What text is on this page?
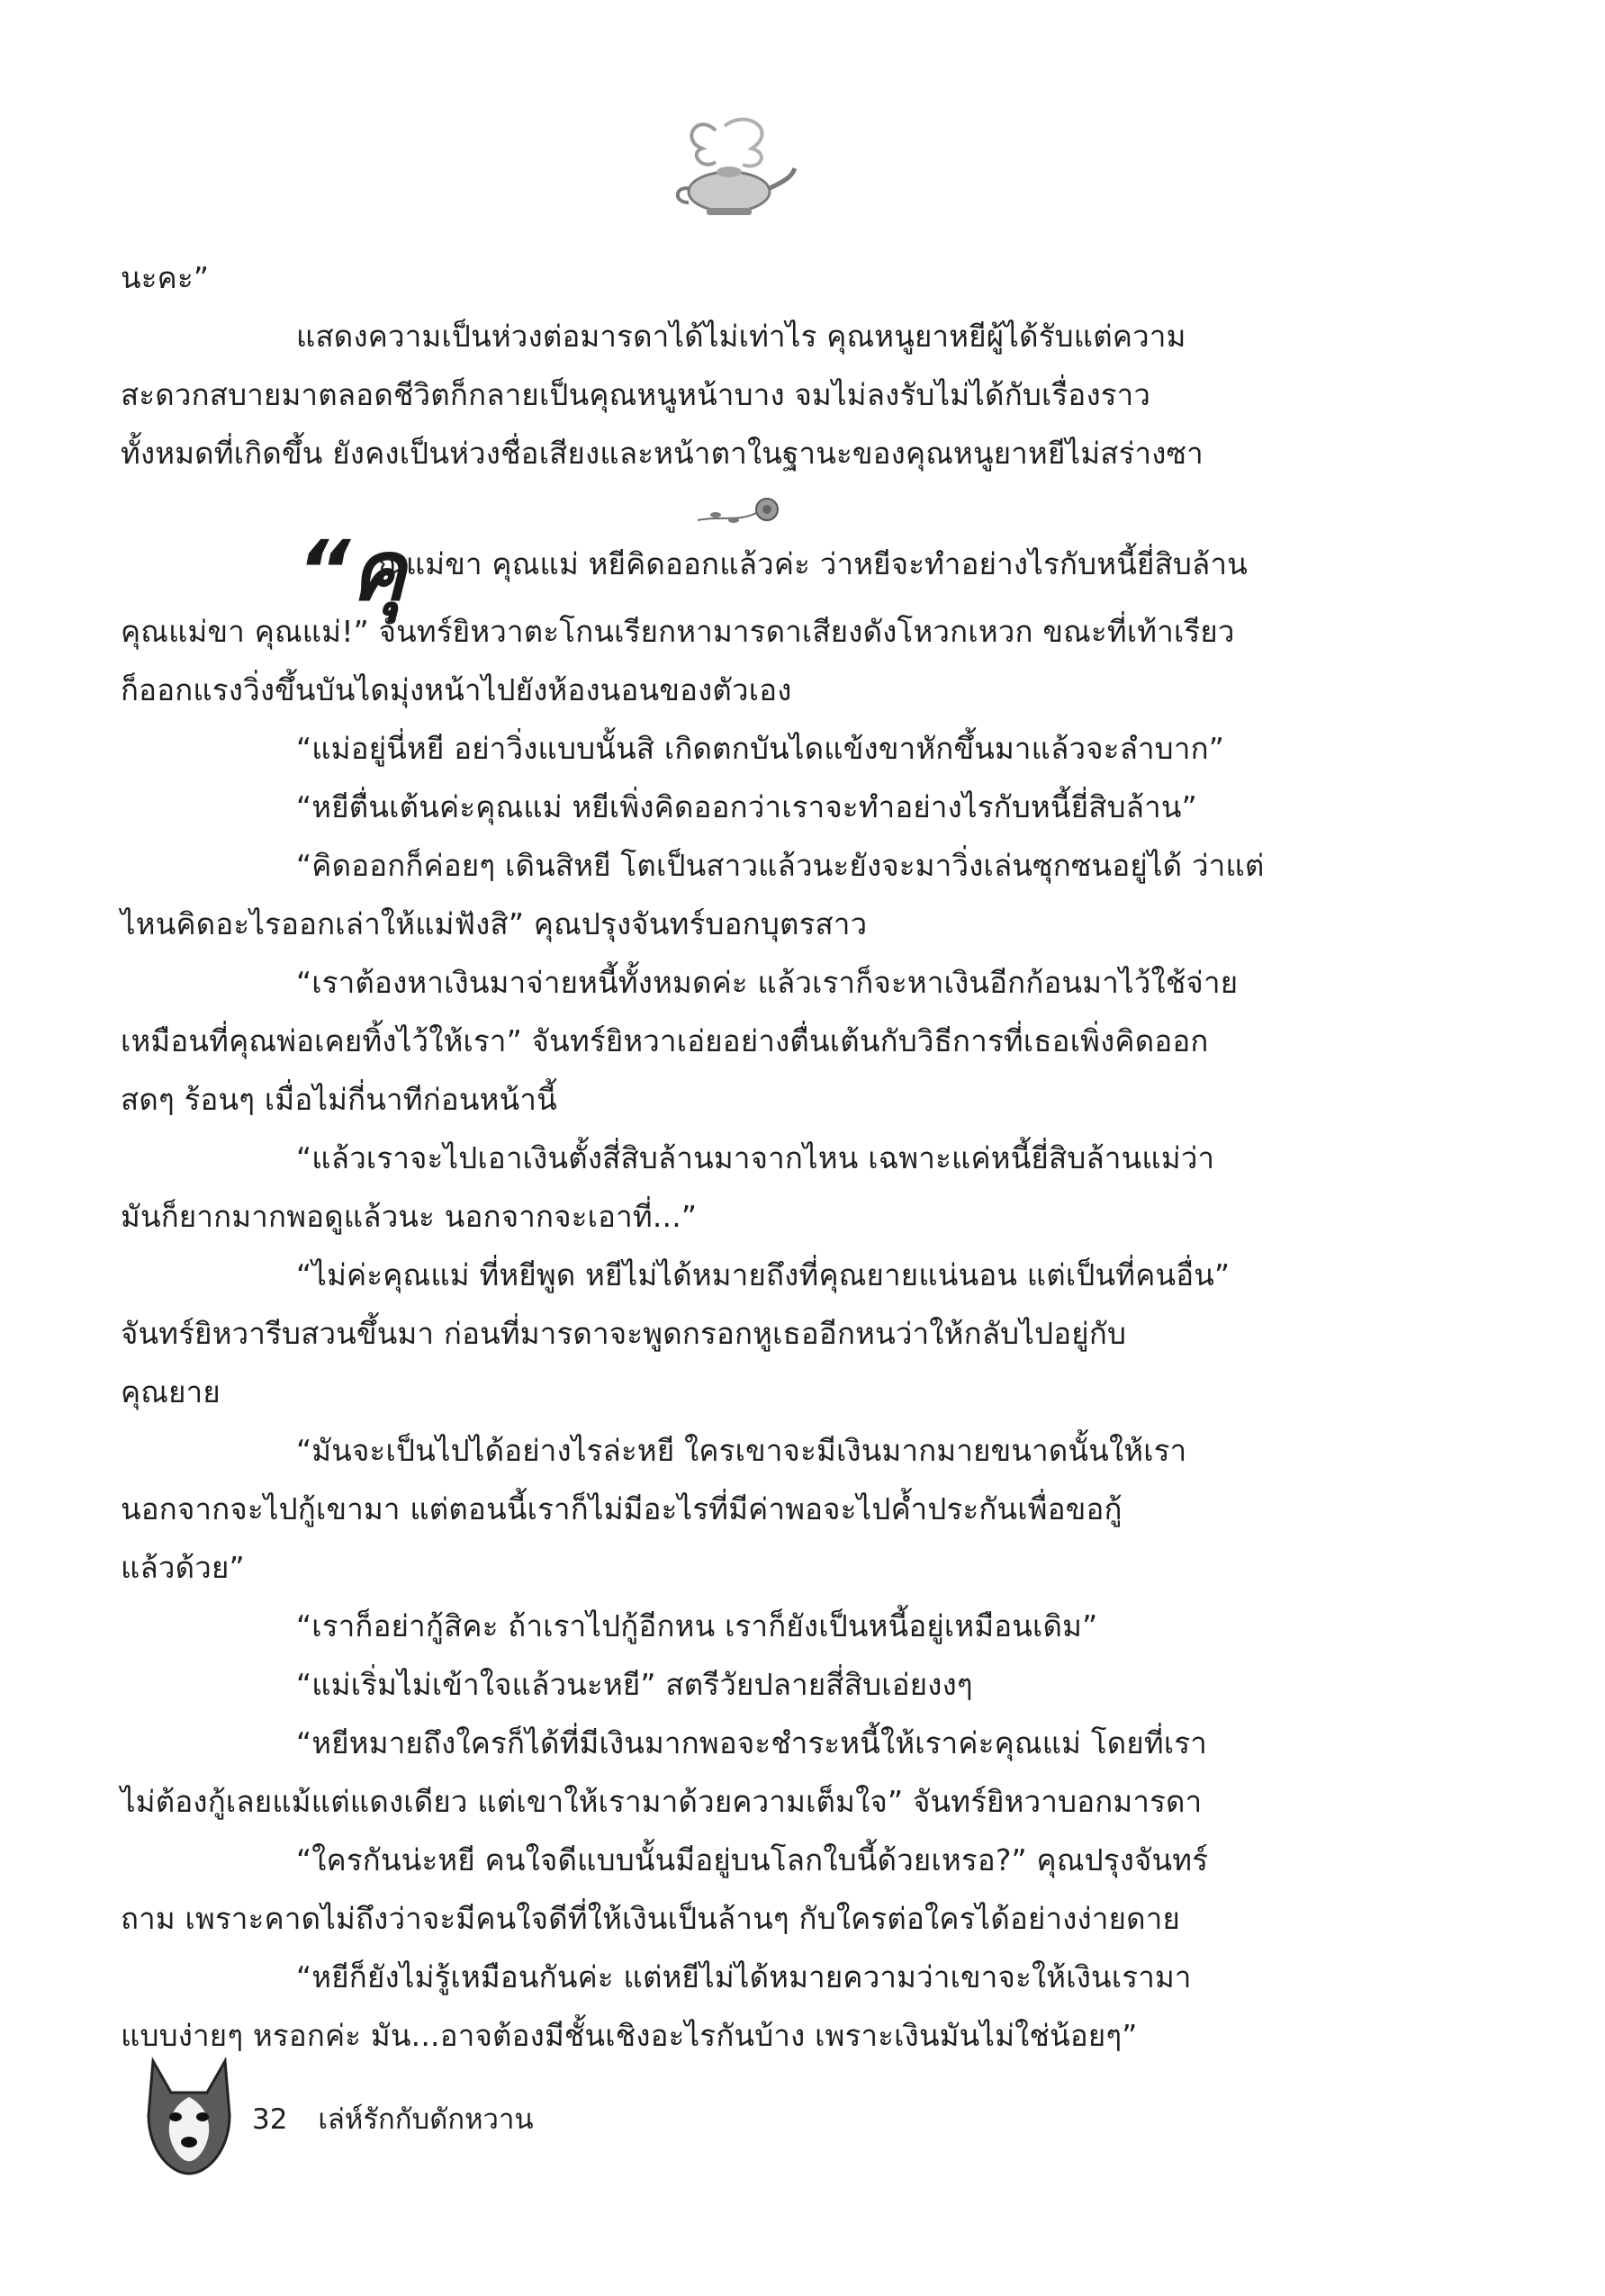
“คุ
นะคะ”
แสดงความเป็นห่วงต่อมารดาได้ไม่เท่าไร คุณหนูยาหยีผู้ได้รับแต่ความ
สะดวกสบายมาตลอดชีวิตก็กลายเป็นคุณหนูหน้าบาง จมไม่ลงรับไม่ได้กับเรื่องราว
ทั้งหมดที่เกิดขึ้น ยังคงเป็นห่วงชื่อเสียงและหน้าตาในฐานะของคุณหนูยาหยีไม่สร่างซา
ณแม่ขา คุณแม่ หยีคิดออกแล้วค่ะ ว่าหยีจะทำอย่างไรกับหนี้ยี่สิบล้าน
คุณแม่ขา คุณแม่!” จันทร์ยิหวาตะโกนเรียกหามารดาเสียงดังโหวกเหวก ขณะที่เท้าเรียว
ก็ออกแรงวิ่งขึ้นบันไดมุ่งหน้าไปยังห้องนอนของตัวเอง
“แม่อยู่นี่หยี อย่าวิ่งแบบนั้นสิ เกิดตกบันไดแข้งขาหักขึ้นมาแล้วจะลำบาก”
“หยีตื่นเต้นค่ะคุณแม่ หยีเพิ่งคิดออกว่าเราจะทำอย่างไรกับหนี้ยี่สิบล้าน”
“คิดออกก็ค่อยๆ เดินสิหยี โตเป็นสาวแล้วนะยังจะมาวิ่งเล่นซุกซนอยู่ได้ ว่าแต่
ไหนคิดอะไรออกเล่าให้แม่ฟังสิ” คุณปรุงจันทร์บอกบุตรสาว
“เราต้องหาเงินมาจ่ายหนี้ทั้งหมดค่ะ แล้วเราก็จะหาเงินอีกก้อนมาไว้ใช้จ่าย
เหมือนที่คุณพ่อเคยทิ้งไว้ให้เรา” จันทร์ยิหวาเอ่ยอย่างตื่นเต้นกับวิธีการที่เธอเพิ่งคิดออก
สดๆ ร้อนๆ เมื่อไม่กี่นาทีก่อนหน้านี้
“แล้วเราจะไปเอาเงินตั้งสี่สิบล้านมาจากไหน เฉพาะแค่หนี้ยี่สิบล้านแม่ว่า
มันก็ยากมากพอดูแล้วนะ นอกจากจะเอาที่...”
“ไม่ค่ะคุณแม่ ที่หยีพูด หยีไม่ได้หมายถึงที่คุณยายแน่นอน แต่เป็นที่คนอื่น”
จันทร์ยิหวารีบสวนขึ้นมา ก่อนที่มารดาจะพูดกรอกหูเธออีกหนว่าให้กลับไปอยู่กับ
คุณยาย
“มันจะเป็นไปได้อย่างไรล่ะหยี ใครเขาจะมีเงินมากมายขนาดนั้นให้เรา
นอกจากจะไปกู้เขามา แต่ตอนนี้เราก็ไม่มีอะไรที่มีค่าพอจะไปค้ำประกันเพื่อขอกู้
แล้วด้วย”
“เราก็อย่ากู้สิคะ ถ้าเราไปกู้อีกหน เราก็ยังเป็นหนี้อยู่เหมือนเดิม”
“แม่เริ่มไม่เข้าใจแล้วนะหยี” สตรีวัยปลายสี่สิบเอ่ยงงๆ
“หยีหมายถึงใครก็ได้ที่มีเงินมากพอจะชำระหนี้ให้เราค่ะคุณแม่ โดยที่เรา
ไม่ต้องกู้เลยแม้แต่แดงเดียว แต่เขาให้เรามาด้วยความเต็มใจ” จันทร์ยิหวาบอกมารดา
“ใครกันน่ะหยี คนใจดีแบบนั้นมีอยู่บนโลกใบนี้ด้วยเหรอ?” คุณปรุงจันทร์
ถาม เพราะคาดไม่ถึงว่าจะมีคนใจดีที่ให้เงินเป็นล้านๆ กับใครต่อใครได้อย่างง่ายดาย
“หยีก็ยังไม่รู้เหมือนกันค่ะ แต่หยีไม่ได้หมายความว่าเขาจะให้เงินเรามา
แบบง่ายๆ หรอกค่ะ มัน...อาจต้องมีชั้นเชิงอะไรกันบ้าง เพราะเงินมันไม่ใช่น้อยๆ”
32 เล่ห์รักกับดักหวาน
